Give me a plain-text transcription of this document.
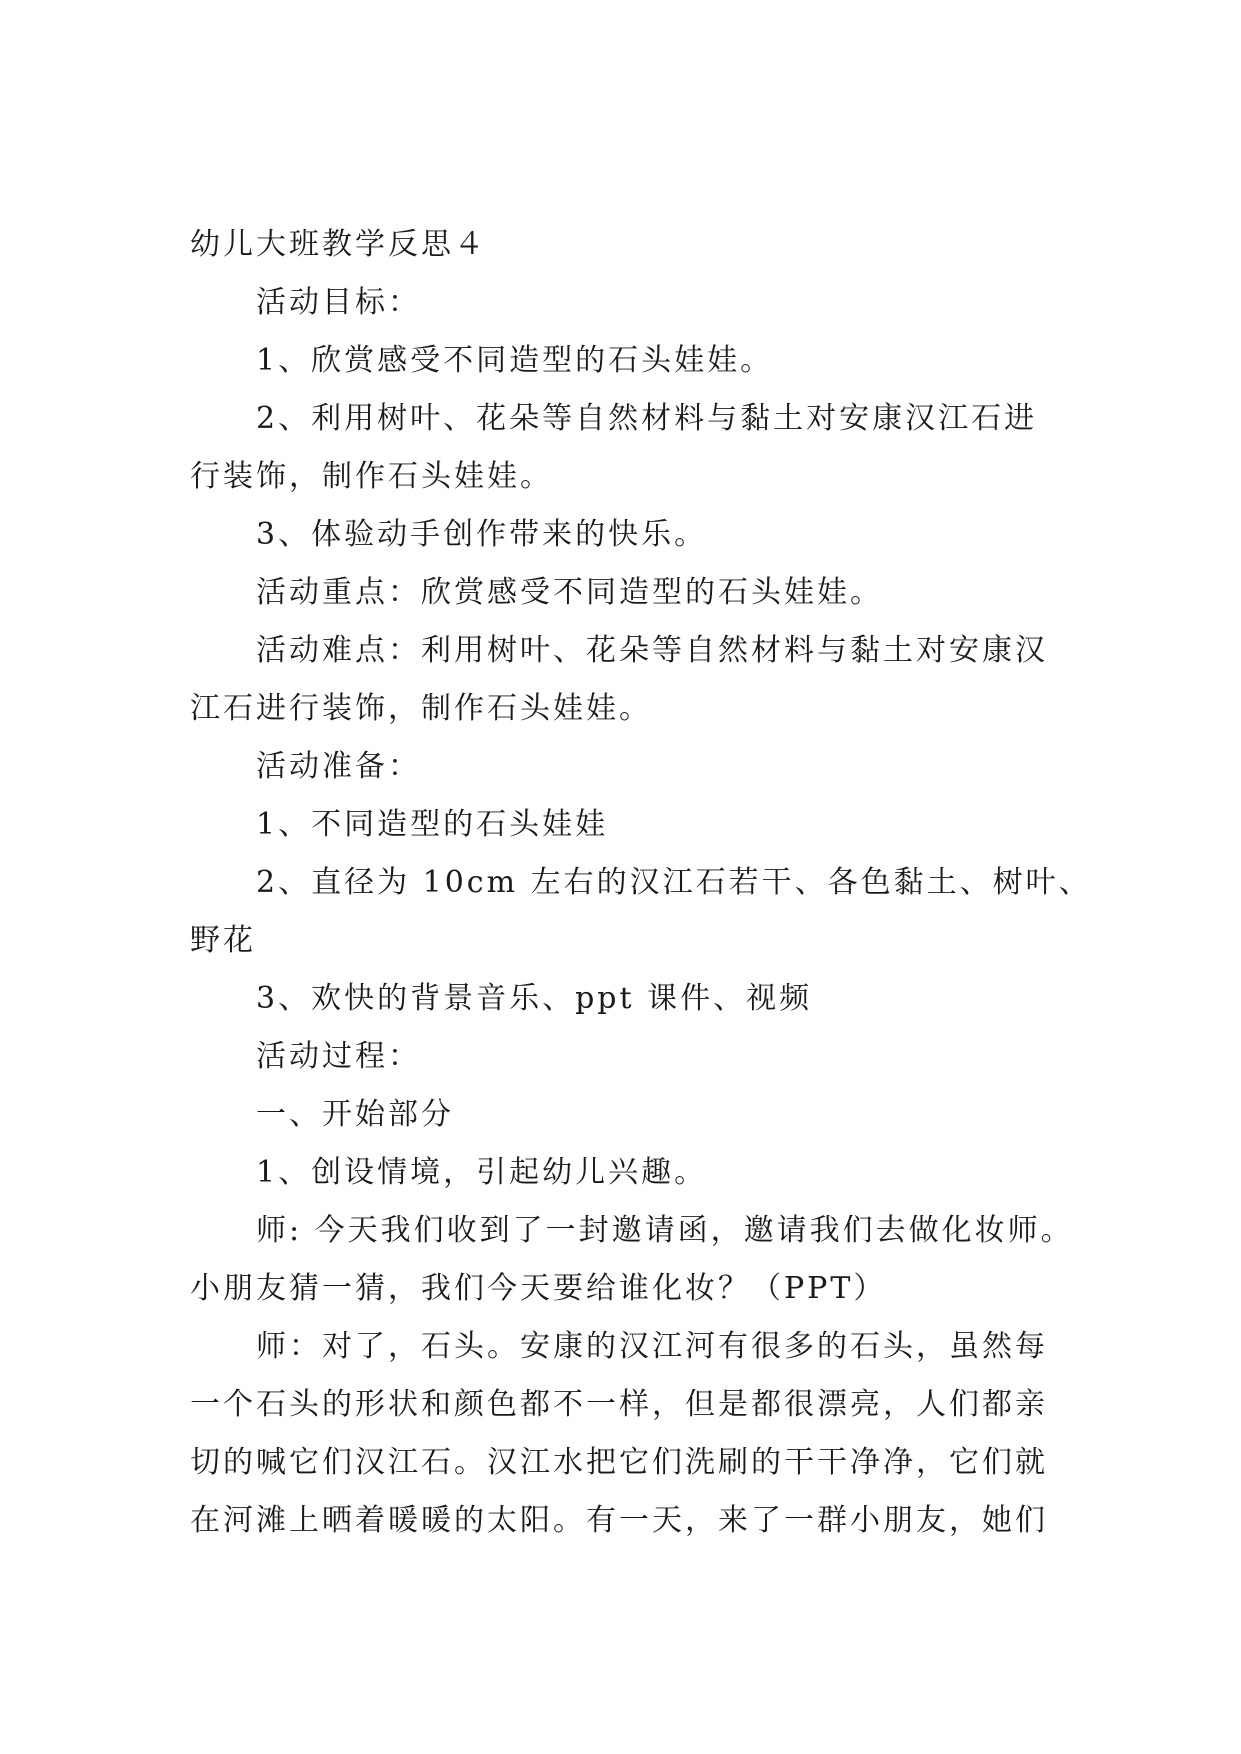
幼儿大班教学反思４
活动目标：
1、欣赏感受不同造型的石头娃娃。
2、利用树叶、花朵等自然材料与黏土对安康汉江石进
行装饰，制作石头娃娃。
3、体验动手创作带来的快乐。
活动重点：欣赏感受不同造型的石头娃娃。
活动难点：利用树叶、花朵等自然材料与黏土对安康汉
江石进行装饰，制作石头娃娃。
活动准备：
1、不同造型的石头娃娃
2、直径为 10cm 左右的汉江石若干、各色黏土、树叶、
野花
3、欢快的背景音乐、ppt 课件、视频
活动过程：
一、开始部分
1、创设情境，引起幼儿兴趣。
师: 今天我们收到了一封邀请函，邀请我们去做化妆师。
小朋友猜一猜，我们今天要给谁化妆？（PPT）
师：对了，石头。安康的汉江河有很多的石头，虽然每
一个石头的形状和颜色都不一样，但是都很漂亮，人们都亲
切的喊它们汉江石。汉江水把它们洗刷的干干净净，它们就
在河滩上晒着暖暖的太阳。有一天，来了一群小朋友，她们
